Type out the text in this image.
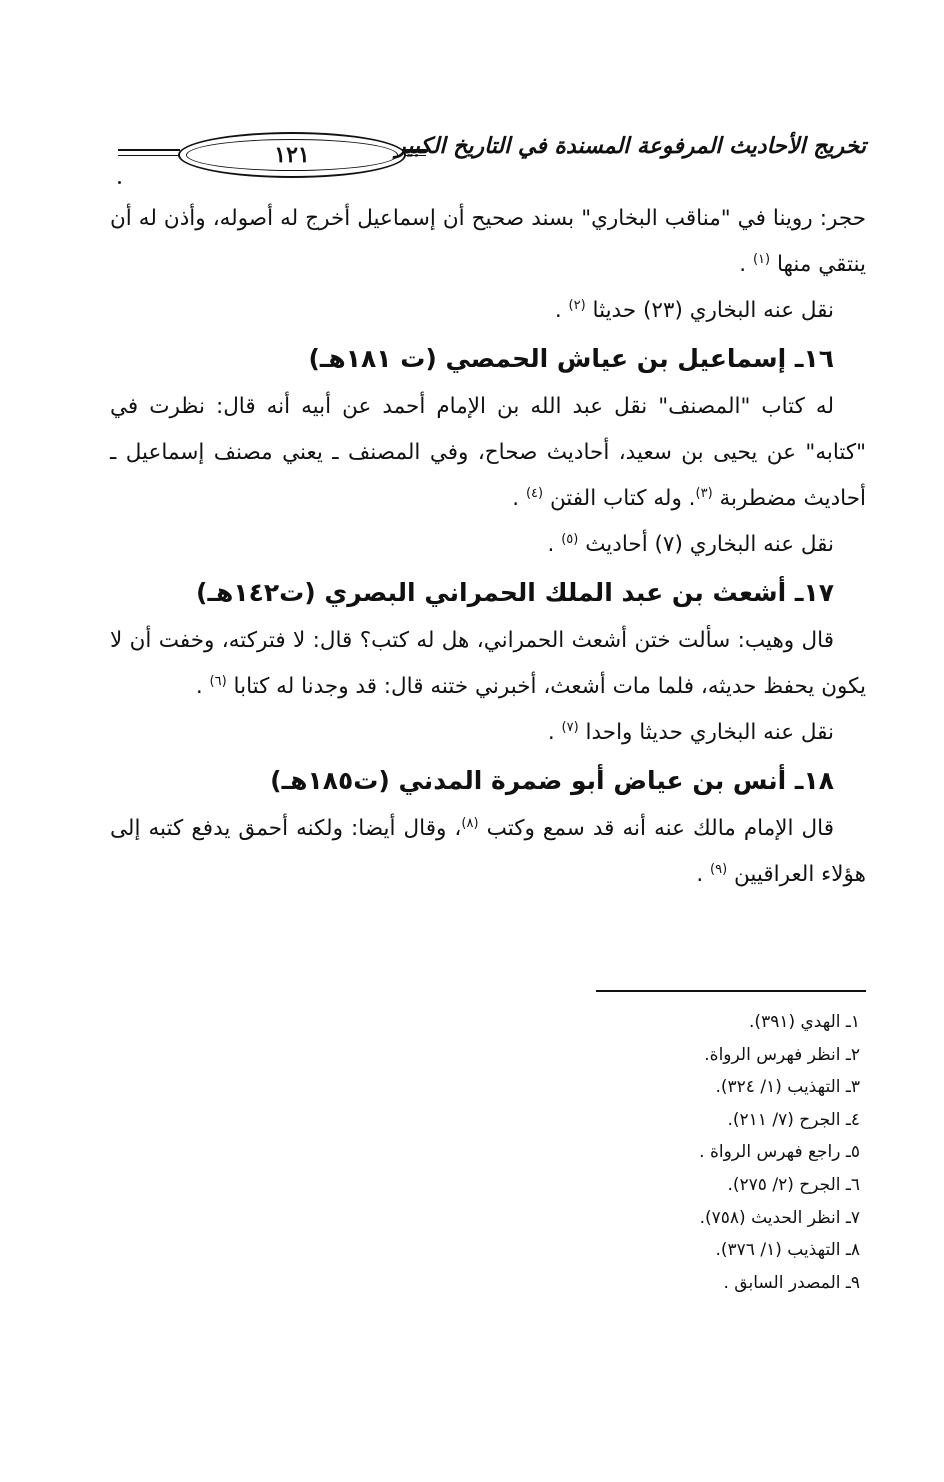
١٢١	تخريج الأحاديث المرفوعة المسندة في التاريخ الكبير

حجر: روينا في "مناقب البخاري" بسند صحيح أن إسماعيل أخرج له أصوله، وأذن له أن ينتقي منها $^{(١)}$ .

نقل عنه البخاري (٢٣) حديثا $^{(٢)}$ .

١٦ـ إسماعيل بن عياش الحمصي (ت ١٨١هـ)

له كتاب "المصنف" نقل عبد الله بن الإمام أحمد عن أبيه أنه قال: نظرت في "كتابه" عن يحيى بن سعيد، أحاديث صحاح، وفي المصنف ـ يعني مصنف إسماعيل ـ أحاديث مضطربة $^{(٣)}$. وله كتاب الفتن $^{(٤)}$ .

نقل عنه البخاري (٧) أحاديث $^{(٥)}$ .

١٧ـ أشعث بن عبد الملك الحمراني البصري (ت١٤٢هـ)

قال وهيب: سألت ختن أشعث الحمراني، هل له كتب؟ قال: لا فتركته، وخفت أن لا يكون يحفظ حديثه، فلما مات أشعث، أخبرني ختنه قال: قد وجدنا له كتابا $^{(٦)}$ .

نقل عنه البخاري حديثا واحدا $^{(٧)}$ .

١٨ـ أنس بن عياض أبو ضمرة المدني (ت١٨٥هـ)

قال الإمام مالك عنه أنه قد سمع وكتب $^{(٨)}$، وقال أيضا: ولكنه أحمق يدفع كتبه إلى هؤلاء العراقيين $^{(٩)}$ .

١ـ الهدي (٣٩١).
٢ـ انظر فهرس الرواة.
٣ـ التهذيب (١/ ٣٢٤).
٤ـ الجرح (٧/ ٢١١).
٥ـ راجع فهرس الرواة .
٦ـ الجرح (٢/ ٢٧٥).
٧ـ انظر الحديث (٧٥٨).
٨ـ التهذيب (١/ ٣٧٦).
٩ـ المصدر السابق .
